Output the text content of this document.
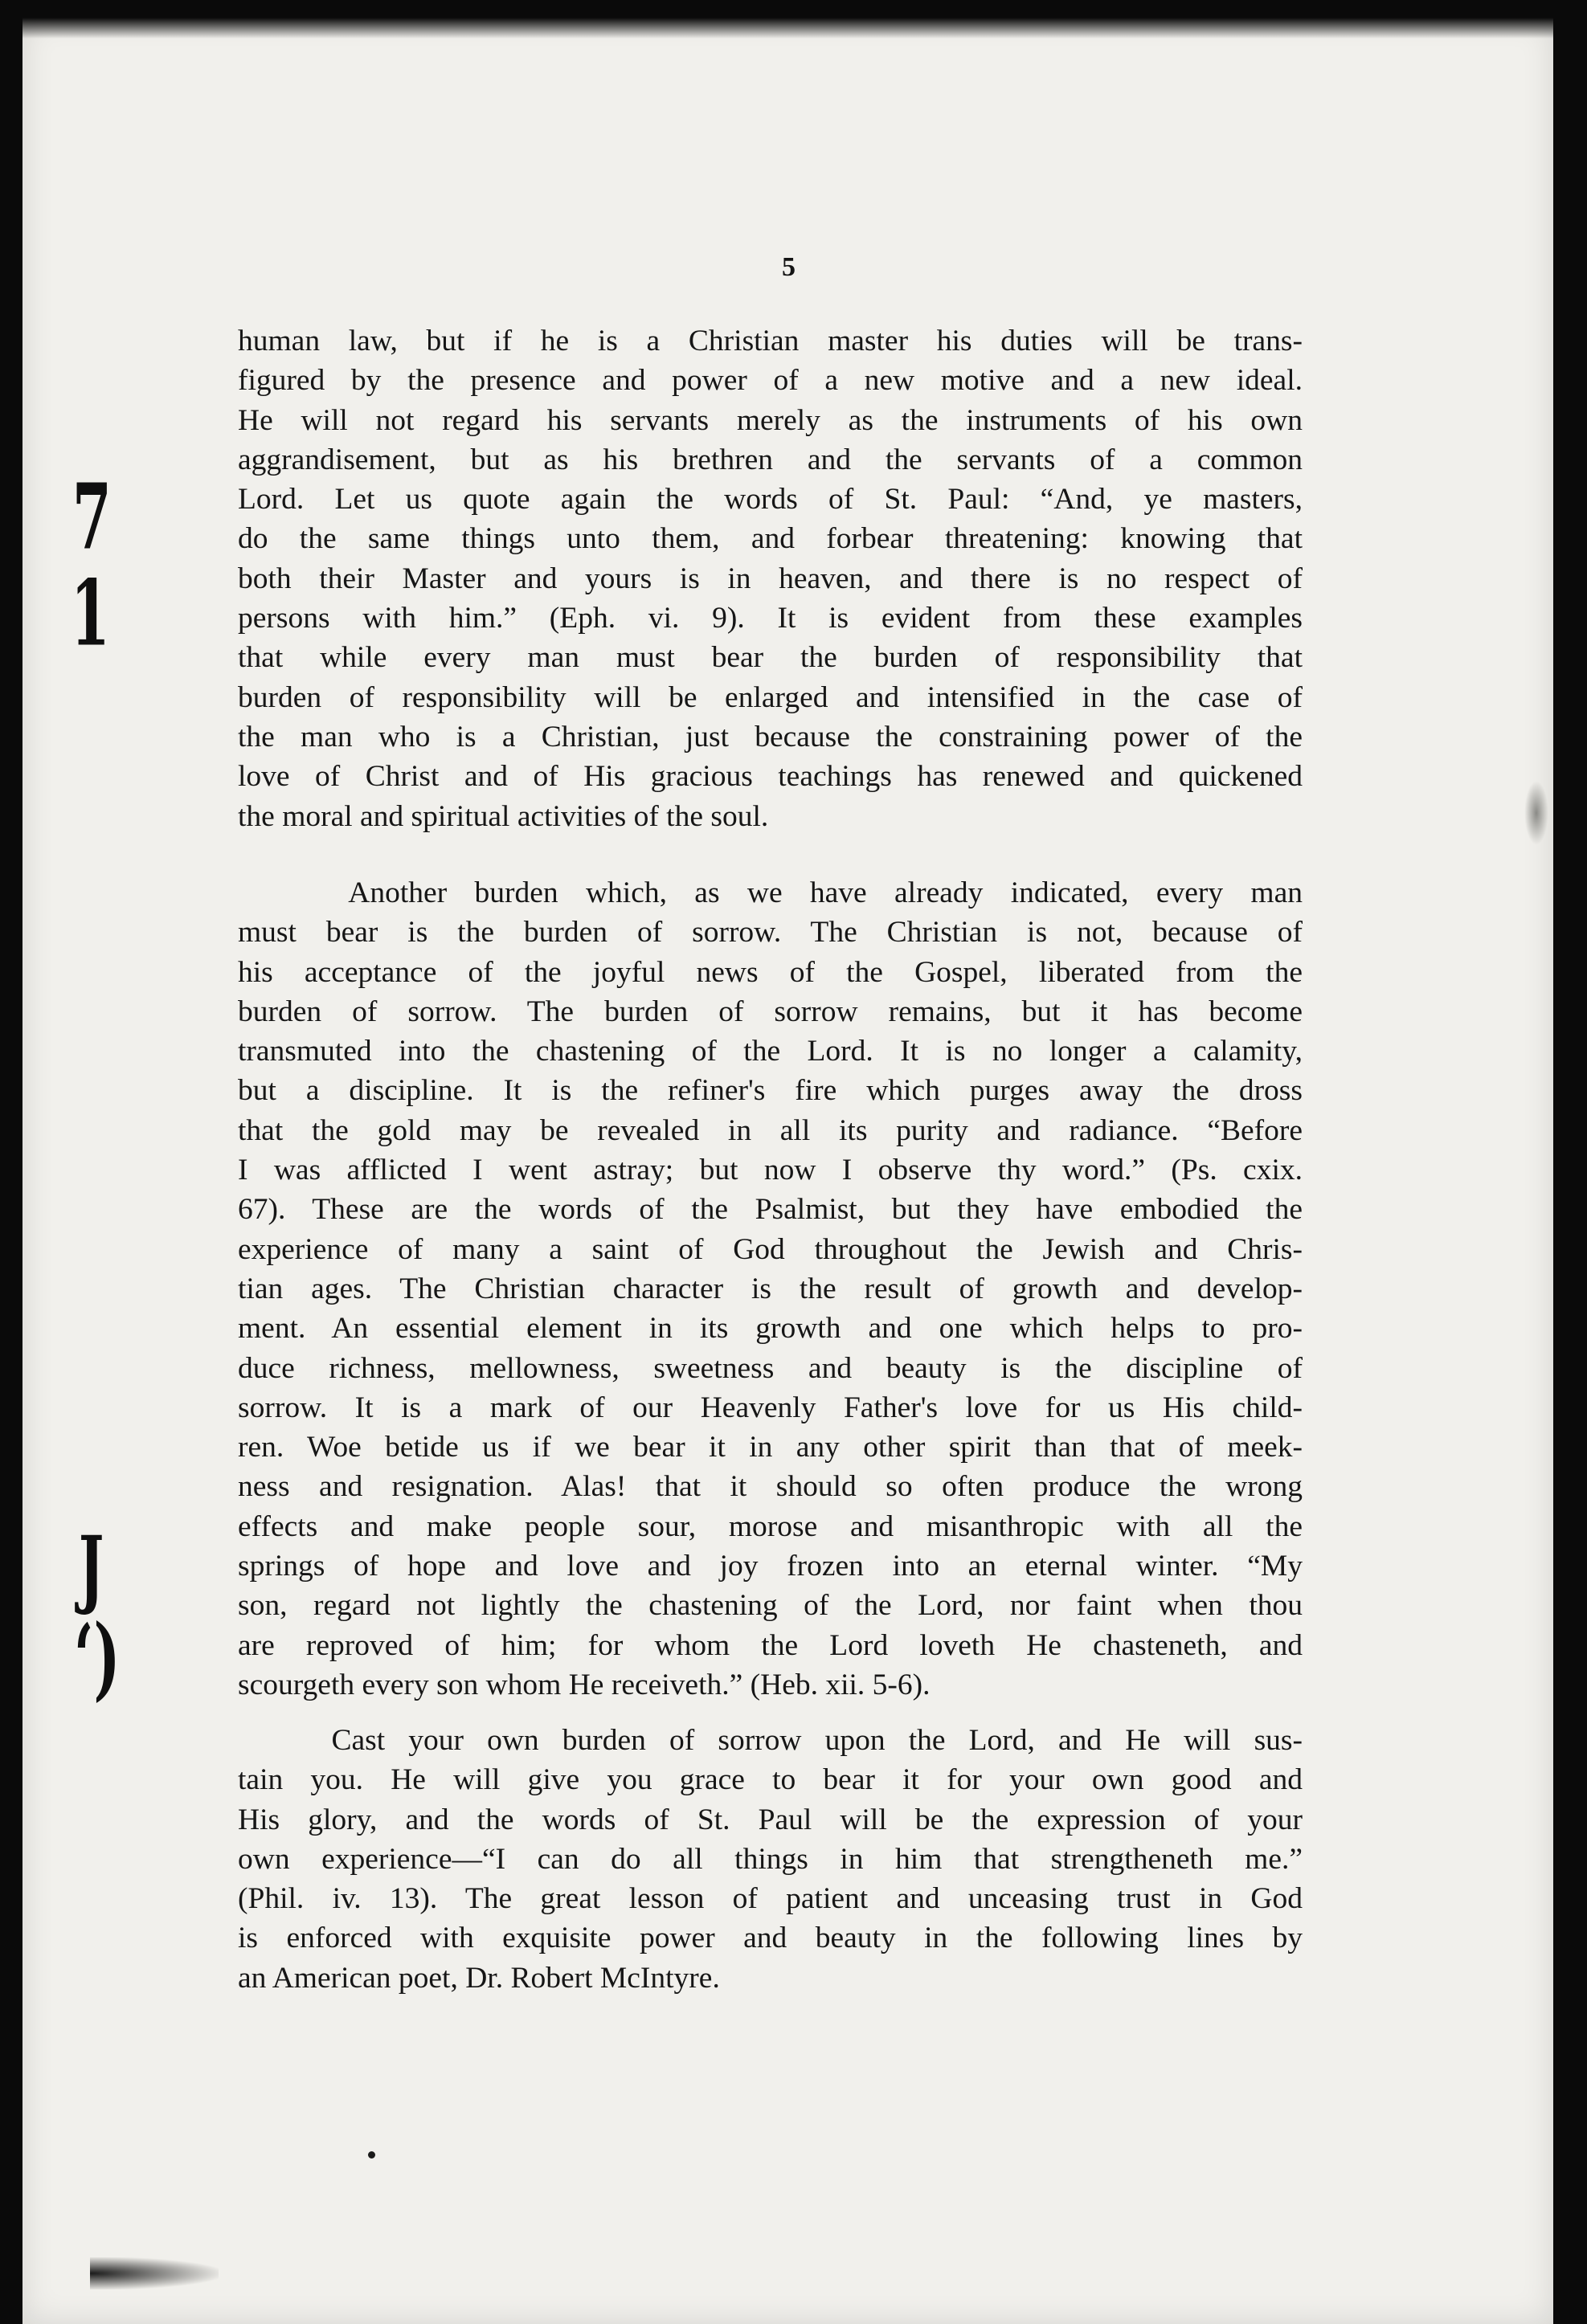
5
7
1
J
ʻ)
human law, but if he is a Christian master his duties will be trans-
figured by the presence and power of a new motive and a new ideal.
He will not regard his servants merely as the instruments of his own
aggrandisement, but as his brethren and the servants of a common
Lord. Let us quote again the words of St. Paul: “And, ye masters,
do the same things unto them, and forbear threatening: knowing that
both their Master and yours is in heaven, and there is no respect of
persons with him.” (Eph. vi. 9). It is evident from these examples
that while every man must bear the burden of responsibility that
burden of responsibility will be enlarged and intensified in the case of
the man who is a Christian, just because the constraining power of the
love of Christ and of His gracious teachings has renewed and quickened
the moral and spiritual activities of the soul.
Another burden which, as we have already indicated, every man
must bear is the burden of sorrow. The Christian is not, because of
his acceptance of the joyful news of the Gospel, liberated from the
burden of sorrow. The burden of sorrow remains, but it has become
transmuted into the chastening of the Lord. It is no longer a calamity,
but a discipline. It is the refiner's fire which purges away the dross
that the gold may be revealed in all its purity and radiance. “Before
I was afflicted I went astray; but now I observe thy word.” (Ps. cxix.
67). These are the words of the Psalmist, but they have embodied the
experience of many a saint of God throughout the Jewish and Chris-
tian ages. The Christian character is the result of growth and develop-
ment. An essential element in its growth and one which helps to pro-
duce richness, mellowness, sweetness and beauty is the discipline of
sorrow. It is a mark of our Heavenly Father's love for us His child-
ren. Woe betide us if we bear it in any other spirit than that of meek-
ness and resignation. Alas! that it should so often produce the wrong
effects and make people sour, morose and misanthropic with all the
springs of hope and love and joy frozen into an eternal winter. “My
son, regard not lightly the chastening of the Lord, nor faint when thou
are reproved of him; for whom the Lord loveth He chasteneth, and
scourgeth every son whom He receiveth.” (Heb. xii. 5-6).
Cast your own burden of sorrow upon the Lord, and He will sus-
tain you. He will give you grace to bear it for your own good and
His glory, and the words of St. Paul will be the expression of your
own experience—“I can do all things in him that strengtheneth me.”
(Phil. iv. 13). The great lesson of patient and unceasing trust in God
is enforced with exquisite power and beauty in the following lines by
an American poet, Dr. Robert McIntyre.
